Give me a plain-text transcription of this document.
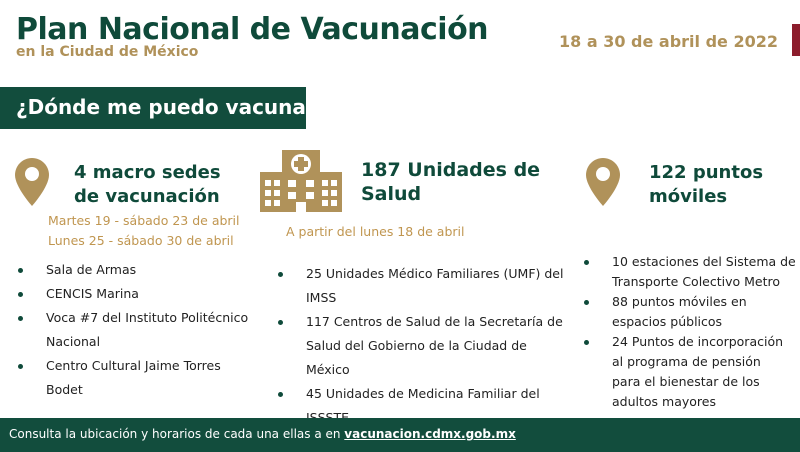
Plan Nacional de Vacunación
en la Ciudad de México
18 a 30 de abril de 2022
¿Dónde me puedo vacunar?
4 macro sedes
de vacunación
Martes 19 - sábado 23 de abril
Lunes 25 - sábado 30 de abril
Sala de Armas
CENCIS Marina
Voca #7 del Instituto Politécnico
Nacional
Centro Cultural Jaime Torres
Bodet
187 Unidades de
Salud
A partir del lunes 18 de abril
25 Unidades Médico Familiares (UMF) del
IMSS
117 Centros de Salud de la Secretaría de
Salud del Gobierno de la Ciudad de
México
45 Unidades de Medicina Familiar del
122 puntos
móviles
10 estaciones del Sistema de
Transporte Colectivo Metro
88 puntos móviles en
espacios públicos
24 Puntos de incorporación
al programa de pensión
para el bienestar de los
adultos mayores
Consulta la ubicación y horarios de cada una ellas a en vacunacion.cdmx.gob.mx
